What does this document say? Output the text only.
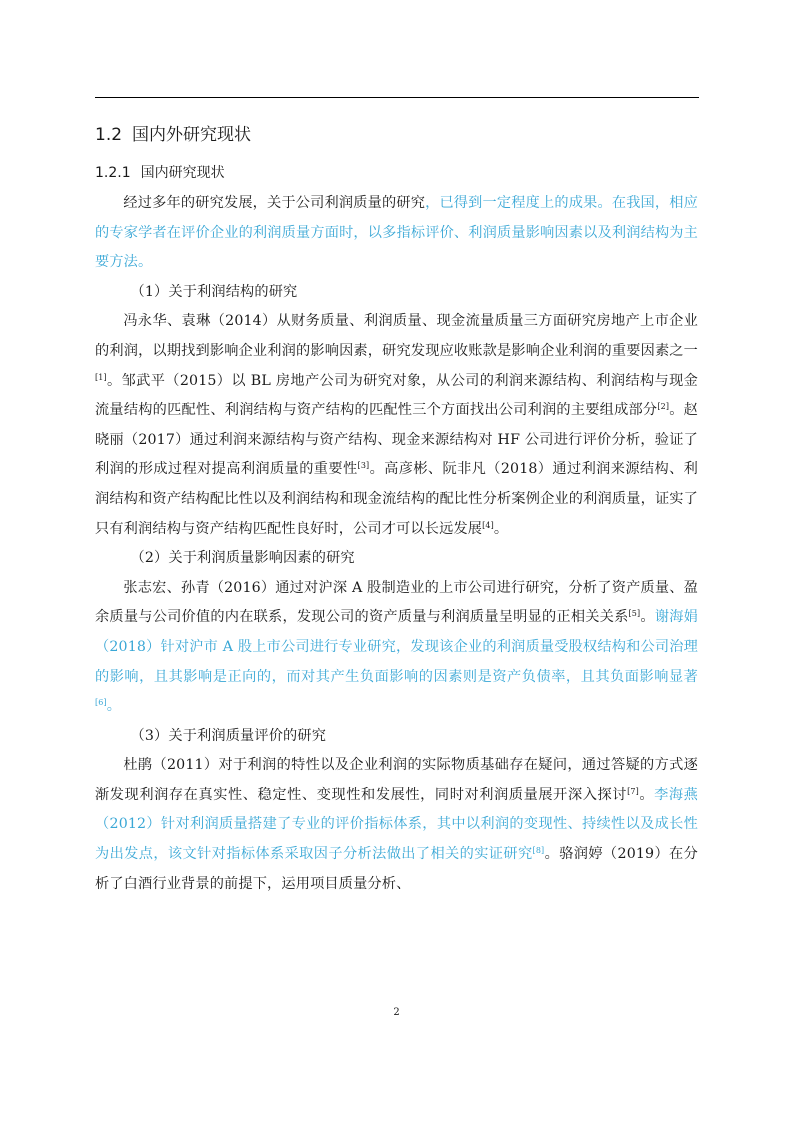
1.2 国内外研究现状
1.2.1 国内研究现状

经过多年的研究发展，关于公司利润质量的研究，已得到一定程度上的成果。在我国，相应的专家学者在评价企业的利润质量方面时，以多指标评价、利润质量影响因素以及利润结构为主要方法。

（1）关于利润结构的研究

冯永华、袁琳（2014）从财务质量、利润质量、现金流量质量三方面研究房地产上市企业的利润，以期找到影响企业利润的影响因素，研究发现应收账款是影响企业利润的重要因素之一[1]。邹武平（2015）以 BL 房地产公司为研究对象，从公司的利润来源结构、利润结构与现金流量结构的匹配性、利润结构与资产结构的匹配性三个方面找出公司利润的主要组成部分[2]。赵晓丽（2017）通过利润来源结构与资产结构、现金来源结构对 HF 公司进行评价分析，验证了利润的形成过程对提高利润质量的重要性[3]。高彦彬、阮非凡（2018）通过利润来源结构、利润结构和资产结构配比性以及利润结构和现金流结构的配比性分析案例企业的利润质量，证实了只有利润结构与资产结构匹配性良好时，公司才可以长远发展[4]。

（2）关于利润质量影响因素的研究

张志宏、孙青（2016）通过对沪深 A 股制造业的上市公司进行研究，分析了资产质量、盈余质量与公司价值的内在联系，发现公司的资产质量与利润质量呈明显的正相关关系[5]。谢海娟（2018）针对沪市 A 股上市公司进行专业研究，发现该企业的利润质量受股权结构和公司治理的影响，且其影响是正向的，而对其产生负面影响的因素则是资产负债率，且其负面影响显著[6]。

（3）关于利润质量评价的研究

杜鹃（2011）对于利润的特性以及企业利润的实际物质基础存在疑问，通过答疑的方式逐渐发现利润存在真实性、稳定性、变现性和发展性，同时对利润质量展开深入探讨[7]。李海燕（2012）针对利润质量搭建了专业的评价指标体系，其中以利润的变现性、持续性以及成长性为出发点，该文针对指标体系采取因子分析法做出了相关的实证研究[8]。骆润婷（2019）在分析了白酒行业背景的前提下，运用项目质量分析、

2
